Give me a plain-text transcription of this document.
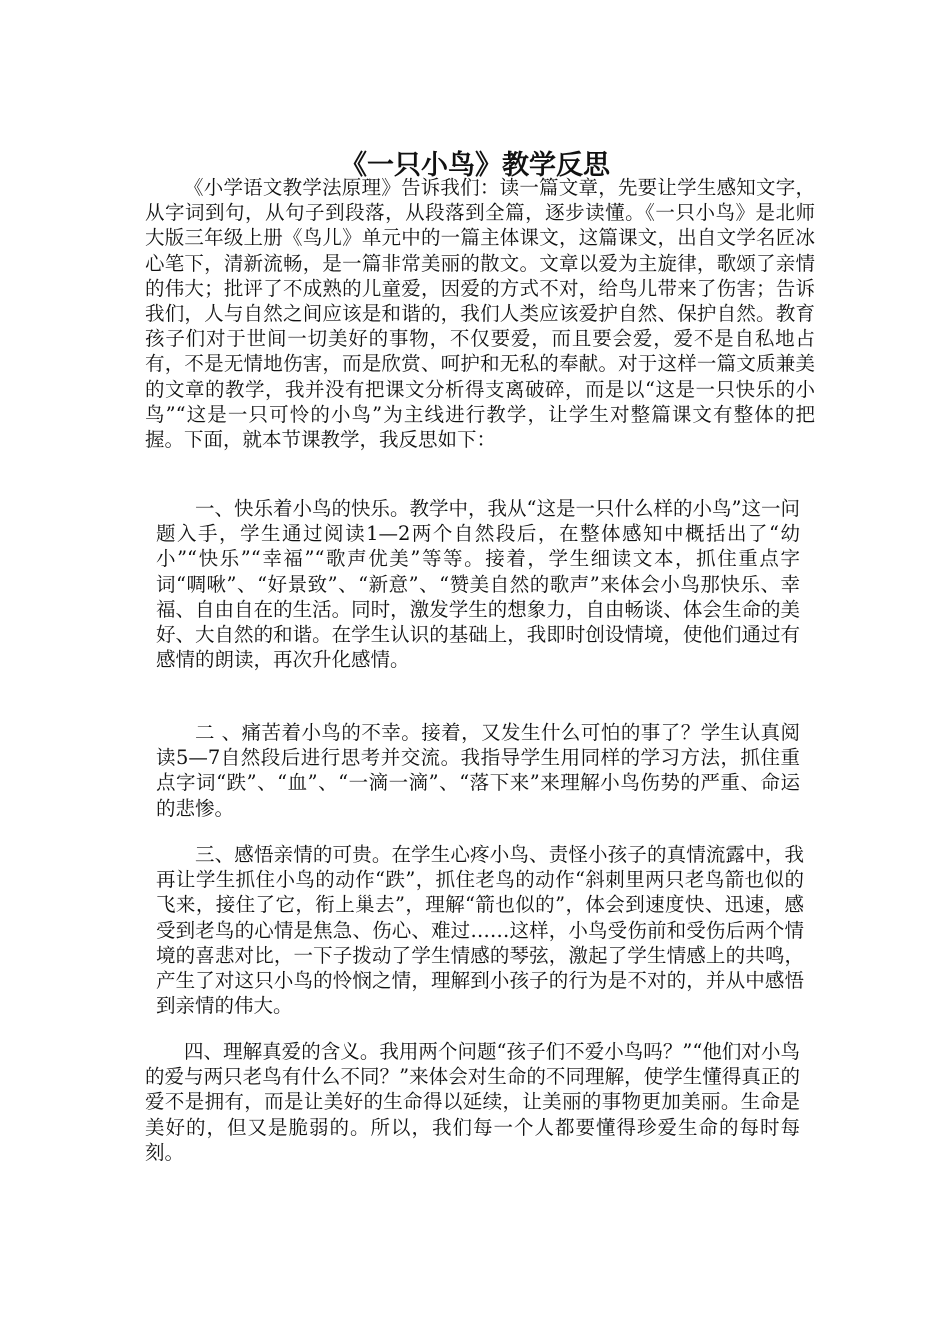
《一只小鸟》教学反思

《小学语文教学法原理》告诉我们：读一篇文章，先要让学生感知文字，从字词到句，从句子到段落，从段落到全篇，逐步读懂。《一只小鸟》是北师大版三年级上册《鸟儿》单元中的一篇主体课文，这篇课文，出自文学名匠冰心笔下，清新流畅，是一篇非常美丽的散文。文章以爱为主旋律，歌颂了亲情的伟大；批评了不成熟的儿童爱，因爱的方式不对，给鸟儿带来了伤害；告诉我们，人与自然之间应该是和谐的，我们人类应该爱护自然、保护自然。教育孩子们对于世间一切美好的事物，不仅要爱，而且要会爱，爱不是自私地占有，不是无情地伤害，而是欣赏、呵护和无私的奉献。对于这样一篇文质兼美的文章的教学，我并没有把课文分析得支离破碎，而是以“这是一只快乐的小鸟”“这是一只可怜的小鸟”为主线进行教学，让学生对整篇课文有整体的把握。下面，就本节课教学，我反思如下：

一、快乐着小鸟的快乐。教学中，我从“这是一只什么样的小鸟”这一问题入手，学生通过阅读1—2两个自然段后，在整体感知中概括出了“幼小”“快乐”“幸福”“歌声优美”等等。接着，学生细读文本，抓住重点字词“啁啾”、“好景致”、“新意”、“赞美自然的歌声”来体会小鸟那快乐、幸福、自由自在的生活。同时，激发学生的想象力，自由畅谈、体会生命的美好、大自然的和谐。在学生认识的基础上，我即时创设情境，使他们通过有感情的朗读，再次升化感情。

二 、痛苦着小鸟的不幸。接着，又发生什么可怕的事了？学生认真阅读5—7自然段后进行思考并交流。我指导学生用同样的学习方法，抓住重点字词“跌”、“血”、“一滴一滴”、“落下来”来理解小鸟伤势的严重、命运的悲惨。

三、感悟亲情的可贵。在学生心疼小鸟、责怪小孩子的真情流露中，我再让学生抓住小鸟的动作“跌”，抓住老鸟的动作“斜刺里两只老鸟箭也似的飞来，接住了它，衔上巢去”，理解“箭也似的”，体会到速度快、迅速，感受到老鸟的心情是焦急、伤心、难过……这样，小鸟受伤前和受伤后两个情境的喜悲对比，一下子拨动了学生情感的琴弦，激起了学生情感上的共鸣，产生了对这只小鸟的怜悯之情，理解到小孩子的行为是不对的，并从中感悟到亲情的伟大。

四、理解真爱的含义。我用两个问题“孩子们不爱小鸟吗？”“他们对小鸟的爱与两只老鸟有什么不同？”来体会对生命的不同理解，使学生懂得真正的爱不是拥有，而是让美好的生命得以延续，让美丽的事物更加美丽。生命是美好的，但又是脆弱的。所以，我们每一个人都要懂得珍爱生命的每时每刻。
